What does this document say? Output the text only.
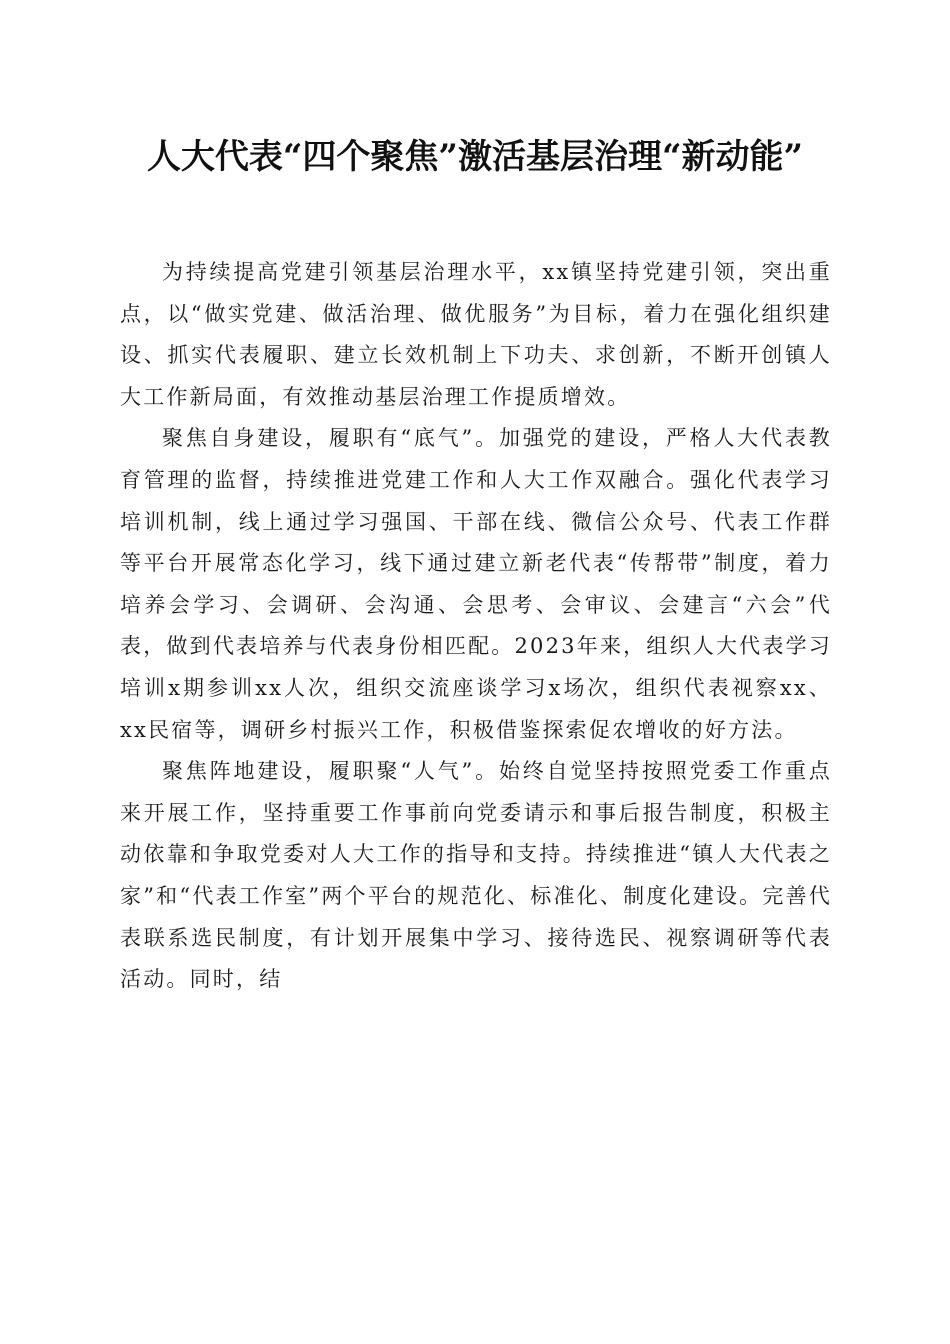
人大代表“四个聚焦”激活基层治理“新动能”

为持续提高党建引领基层治理水平，xx镇坚持党建引领，突出重点，以“做实党建、做活治理、做优服务”为目标，着力在强化组织建设、抓实代表履职、建立长效机制上下功夫、求创新，不断开创镇人大工作新局面，有效推动基层治理工作提质增效。

聚焦自身建设，履职有“底气”。加强党的建设，严格人大代表教育管理的监督，持续推进党建工作和人大工作双融合。强化代表学习培训机制，线上通过学习强国、干部在线、微信公众号、代表工作群等平台开展常态化学习，线下通过建立新老代表“传帮带”制度，着力培养会学习、会调研、会沟通、会思考、会审议、会建言“六会”代表，做到代表培养与代表身份相匹配。2023年来，组织人大代表学习培训x期参训xx人次，组织交流座谈学习x场次，组织代表视察xx、xx民宿等，调研乡村振兴工作，积极借鉴探索促农增收的好方法。

聚焦阵地建设，履职聚“人气”。始终自觉坚持按照党委工作重点来开展工作，坚持重要工作事前向党委请示和事后报告制度，积极主动依靠和争取党委对人大工作的指导和支持。持续推进“镇人大代表之家”和“代表工作室”两个平台的规范化、标准化、制度化建设。完善代表联系选民制度，有计划开展集中学习、接待选民、视察调研等代表活动。同时，结
